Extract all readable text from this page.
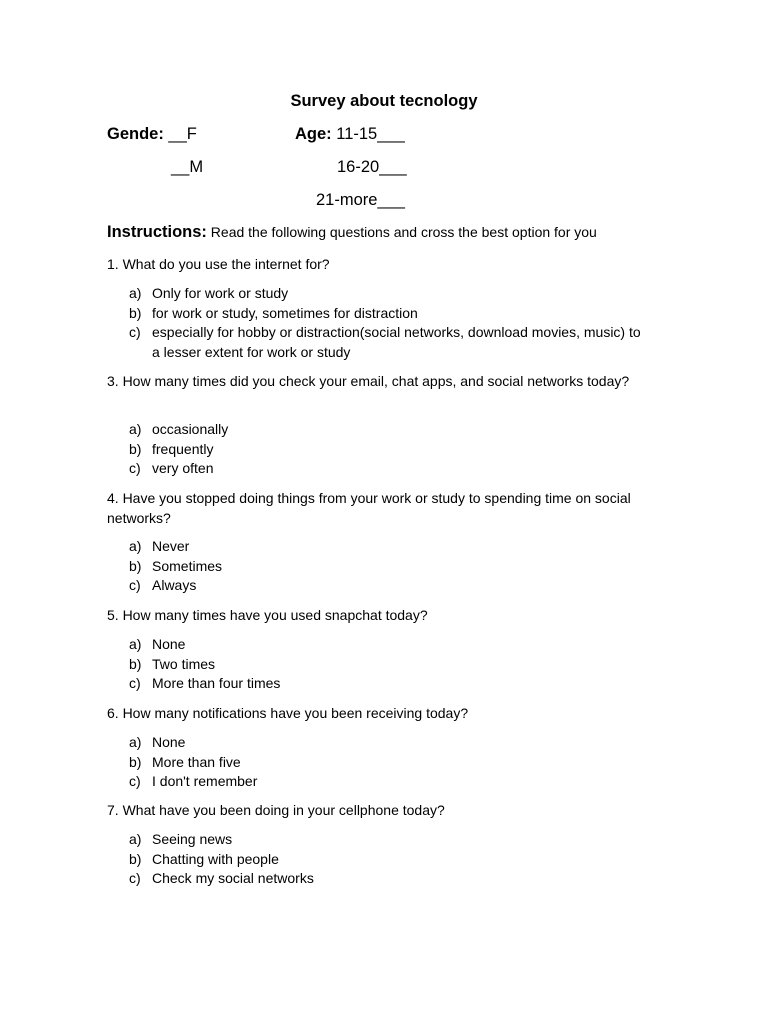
Survey about tecnology
Gende: __F	Age: 11-15___
__M	16-20___
21-more___
Instructions: Read the following questions and cross the best option for you
1. What do you use the internet for?
a) Only for work or study
b) for work or study, sometimes for distraction
c) especially for hobby or distraction(social networks, download movies, music) to a lesser extent for work or study
3. How many times did you check your email, chat apps, and social networks today?
a) occasionally
b) frequently
c) very often
4. Have you stopped doing things from your work or study to spending time on social networks?
a) Never
b) Sometimes
c) Always
5. How many times have you used snapchat today?
a) None
b) Two times
c) More than four times
6. How many notifications have you been receiving today?
a) None
b) More than five
c) I don't remember
7. What have you been doing in your cellphone today?
a) Seeing news
b) Chatting with people
c) Check my social networks
